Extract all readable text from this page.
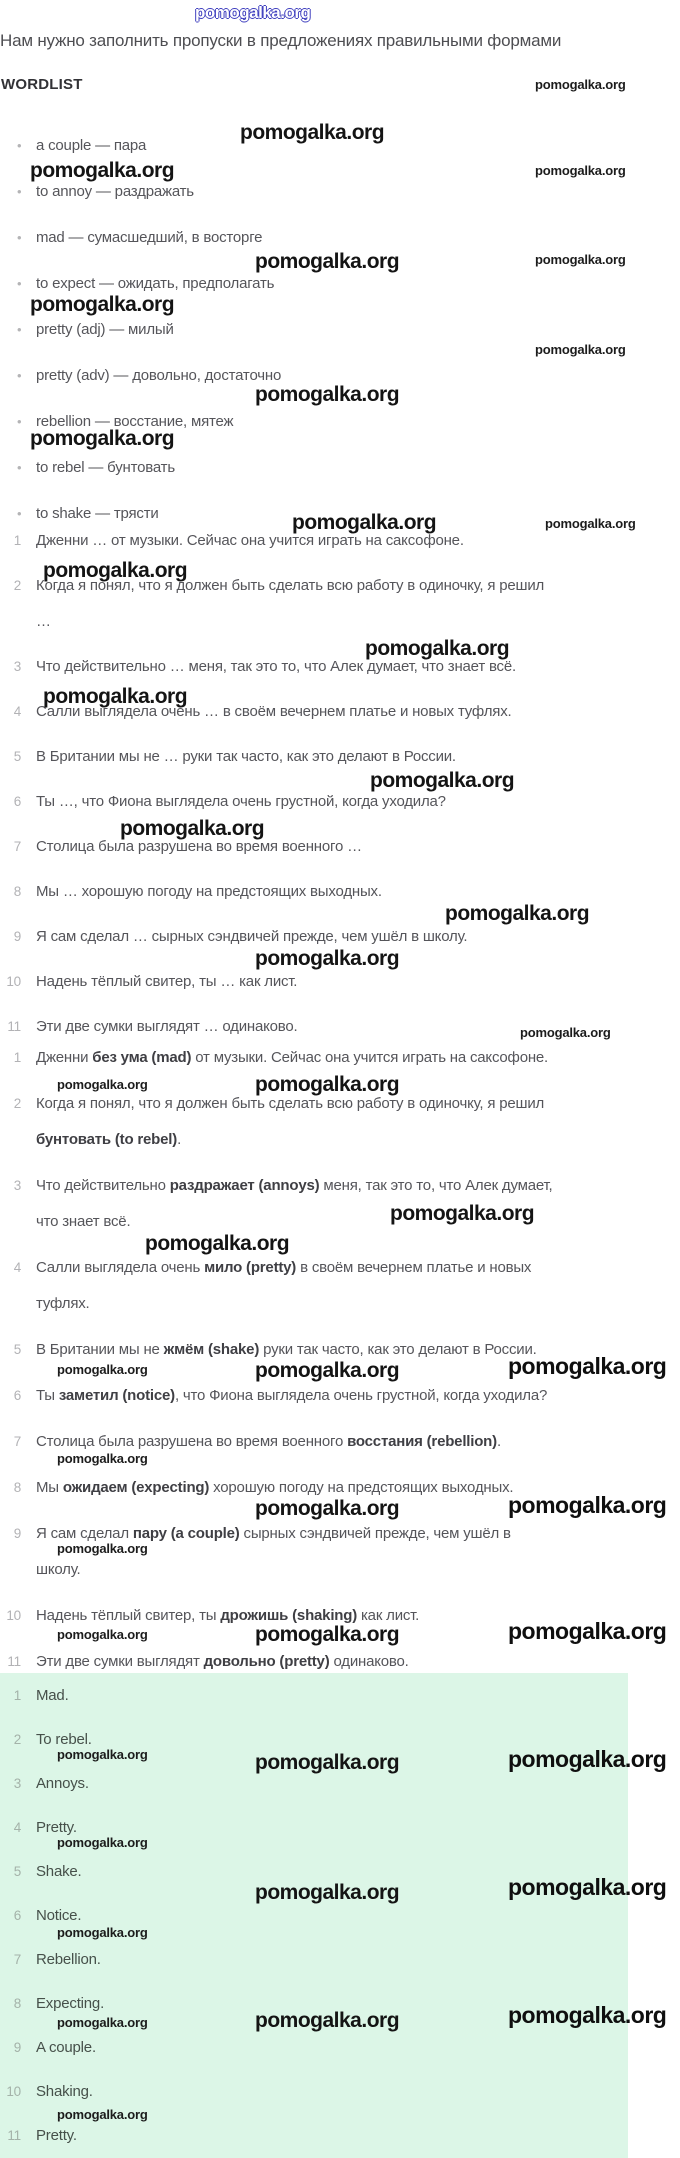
Нам нужно заполнить пропуски в предложениях правильными формами
WORDLIST
• a couple — пара
• to annoy — раздражать
• mad — сумасшедший, в восторге
• to expect — ожидать, предполагать
• pretty (adj) — милый
• pretty (adv) — довольно, достаточно
• rebellion — восстание, мятеж
• to rebel — бунтовать
• to shake — трясти
1 Дженни … от музыки. Сейчас она учится играть на саксофоне.
2 Когда я понял, что я должен быть сделать всю работу в одиночку, я решил
…
3 Что действительно … меня, так это то, что Алек думает, что знает всё.
4 Салли выглядела очень … в своём вечернем платье и новых туфлях.
5 В Британии мы не … руки так часто, как это делают в России.
6 Ты …, что Фиона выглядела очень грустной, когда уходила?
7 Столица была разрушена во время военного …
8 Мы … хорошую погоду на предстоящих выходных.
9 Я сам сделал … сырных сэндвичей прежде, чем ушёл в школу.
10 Надень тёплый свитер, ты … как лист.
11 Эти две сумки выглядят … одинаково.
1 Дженни без ума (mad) от музыки. Сейчас она учится играть на саксофоне.
2 Когда я понял, что я должен быть сделать всю работу в одиночку, я решил
бунтовать (to rebel).
3 Что действительно раздражает (annoys) меня, так это то, что Алек думает,
что знает всё.
4 Салли выглядела очень мило (pretty) в своём вечернем платье и новых
туфлях.
5 В Британии мы не жмём (shake) руки так часто, как это делают в России.
6 Ты заметил (notice), что Фиона выглядела очень грустной, когда уходила?
7 Столица была разрушена во время военного восстания (rebellion).
8 Мы ожидаем (expecting) хорошую погоду на предстоящих выходных.
9 Я сам сделал пару (a couple) сырных сэндвичей прежде, чем ушёл в
школу.
10 Надень тёплый свитер, ты дрожишь (shaking) как лист.
11 Эти две сумки выглядят довольно (pretty) одинаково.
1 Mad.
2 To rebel.
3 Annoys.
4 Pretty.
5 Shake.
6 Notice.
7 Rebellion.
8 Expecting.
9 A couple.
10 Shaking.
11 Pretty.
pomogalka.org
pomogalka.org
pomogalka.org
pomogalka.org	pomogalka.org
pomogalka.org	pomogalka.org
pomogalka.org
pomogalka.org
pomogalka.org
pomogalka.org
pomogalka.org	pomogalka.org
pomogalka.org
pomogalka.org
pomogalka.org
pomogalka.org
pomogalka.org
pomogalka.org
pomogalka.org
pomogalka.org
pomogalka.org	pomogalka.org
pomogalka.org
pomogalka.org
pomogalka.org	pomogalka.org	pomogalka.org
pomogalka.org
pomogalka.org	pomogalka.org
pomogalka.org
pomogalka.org	pomogalka.org	pomogalka.org
pomogalka.org	pomogalka.org	pomogalka.org
pomogalka.org
pomogalka.org	pomogalka.org
pomogalka.org
pomogalka.org	pomogalka.org	pomogalka.org
pomogalka.org
